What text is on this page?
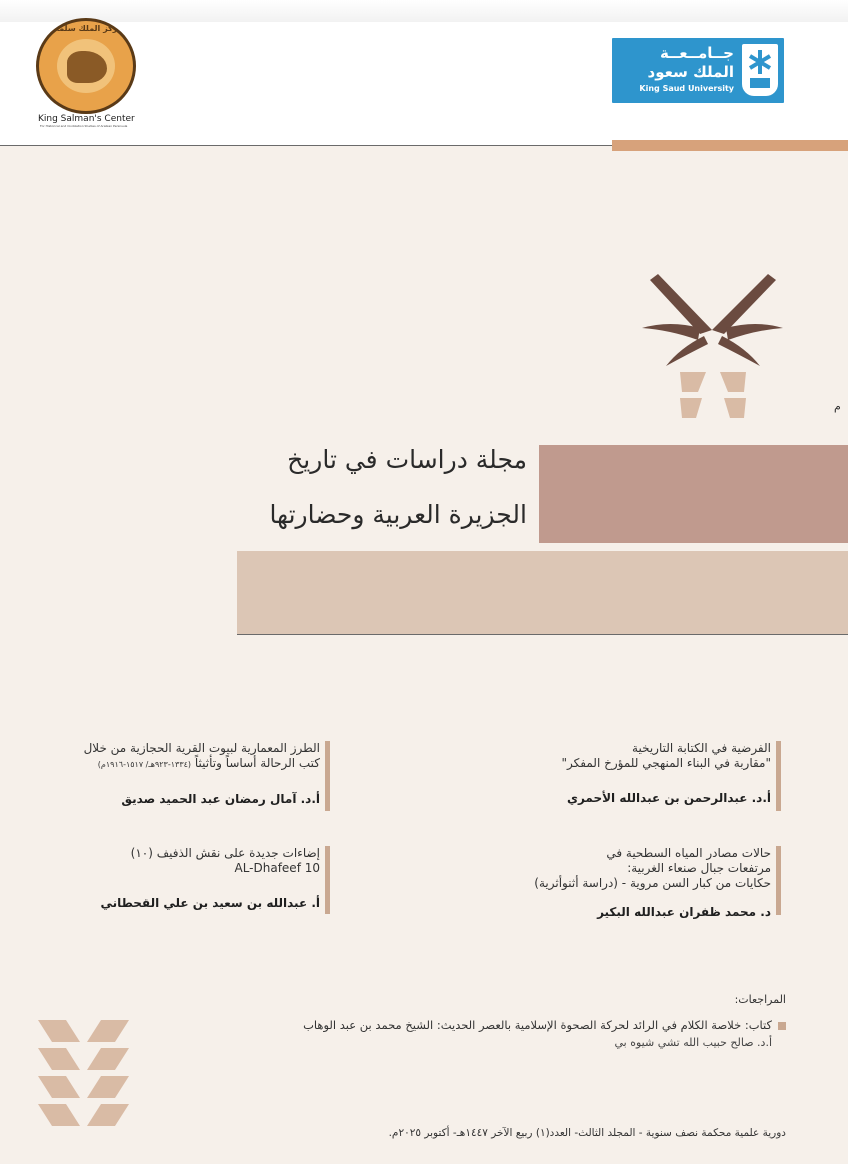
جــامــعــة
الملك سعود
King Saud University
مركز الملك سلمان
King Salman's Center
For Historical and Civilization Studies of Arabian Peninsula
م
مجلة دراسات في تاريخ
الجزيرة العربية وحضارتها
الفرضية في الكتابة التاريخية
"مقاربة في البناء المنهجي للمؤرخ المفكر"
أ.د. عبدالرحمن بن عبدالله الأحمري
حالات مصادر المياه السطحية في
مرتفعات جبال صنعاء الغربية:
حكايات من كبار السن مروية - (دراسة أثنوأثرية)
د. محمد ظفران عبدالله البكير
الطرز المعمارية لبيوت القرية الحجازية من خلال
كتب الرحالة أساساً وتأثيثاً (١٣٣٤-٩٢٣هـ/ ١٥١٧-١٩١٦م)
أ.د. آمال رمضان عبد الحميد صديق
إضاءات جديدة على نقش الذفيف (١٠)
AL-Dhafeef 10
أ. عبدالله بن سعيد بن علي القحطاني
المراجعات:
كتاب: خلاصة الكلام في الرائد لحركة الصحوة الإسلامية بالعصر الحديث: الشيخ محمد بن عبد الوهاب
أ.د. صالح حبيب الله تشي شيوه بي
دورية علمية محكمة نصف سنوية - المجلد الثالث- العدد(١) ربيع الآخر ١٤٤٧هـ- أكتوبر ٢٠٢٥م.
